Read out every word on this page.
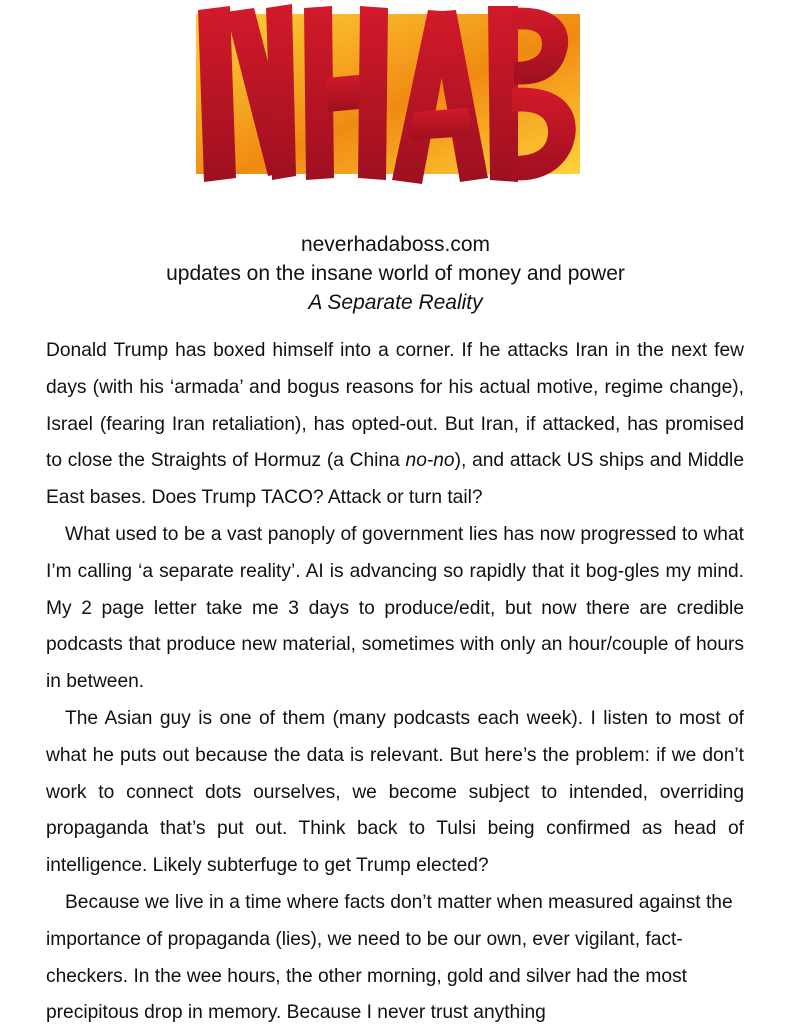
neverhadaboss.com
updates on the insane world of money and power
A Separate Reality

Donald Trump has boxed himself into a corner. If he attacks Iran in the next few days (with his ‘armada’ and bogus reasons for his actual motive, regime change), Israel (fearing Iran retaliation), has opted-out. But Iran, if attacked, has promised to close the Straights of Hormuz (a China no-no), and attack US ships and Middle East bases. Does Trump TACO? Attack or turn tail?

What used to be a vast panoply of government lies has now progressed to what I’m calling ‘a separate reality’. AI is advancing so rapidly that it bog-gles my mind. My 2 page letter take me 3 days to produce/edit, but now there are credible podcasts that produce new material, sometimes with only an hour/couple of hours in between.

The Asian guy is one of them (many podcasts each week). I listen to most of what he puts out because the data is relevant. But here’s the problem: if we don’t work to connect dots ourselves, we become subject to intended, overriding propaganda that’s put out. Think back to Tulsi being confirmed as head of intelligence. Likely subterfuge to get Trump elected?

Because we live in a time where facts don’t matter when measured against the importance of propaganda (lies), we need to be our own, ever vigilant, fact-checkers. In the wee hours, the other morning, gold and silver had the most precipitous drop in memory. Because I never trust anything
